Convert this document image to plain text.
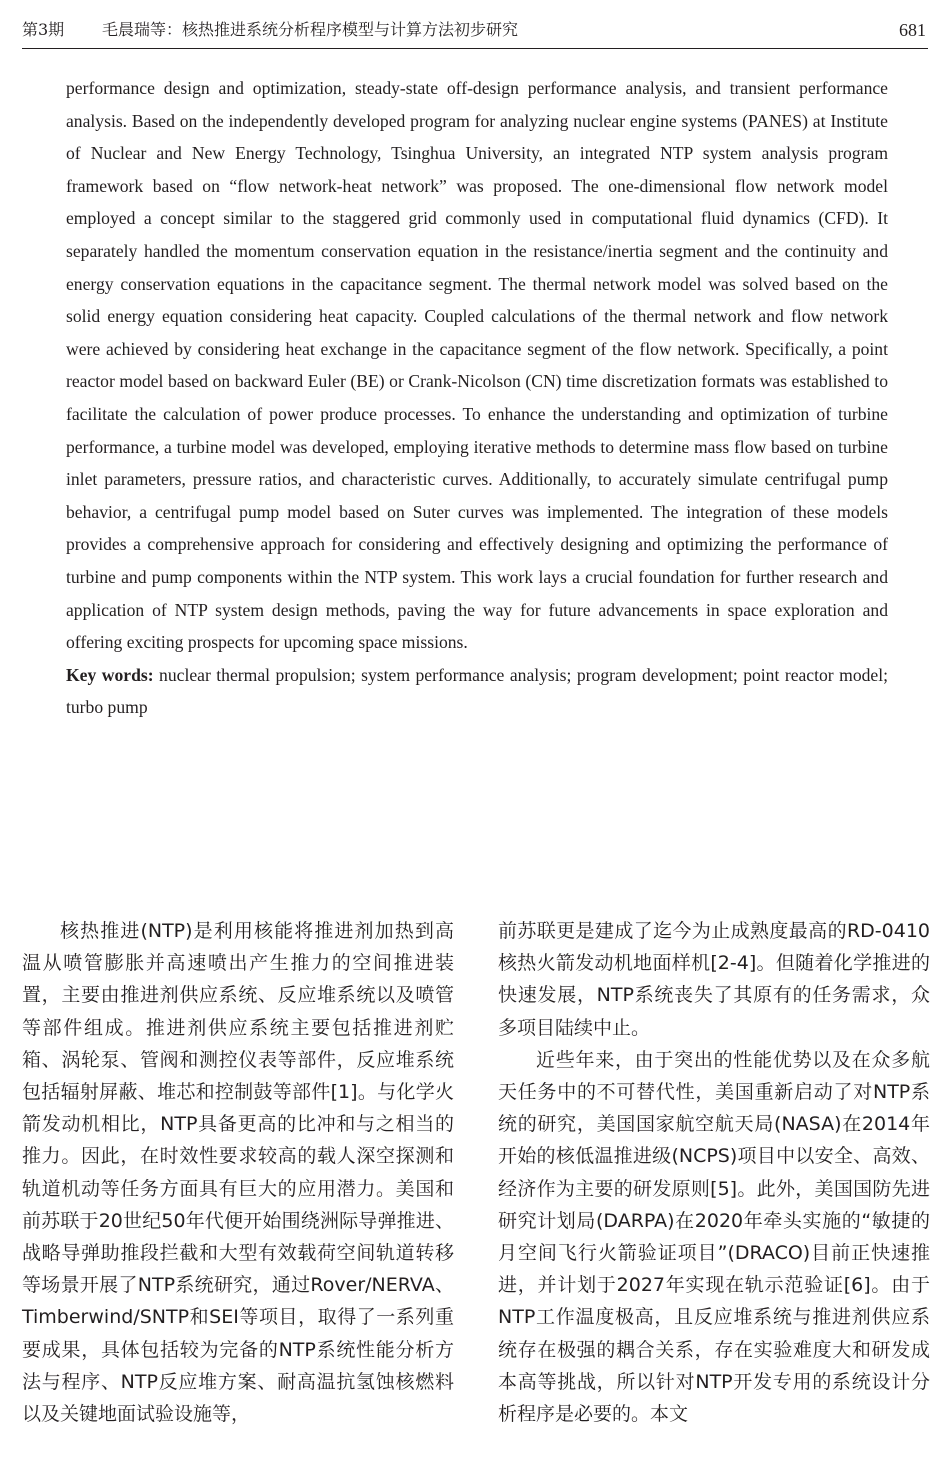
第3期 毛晨瑞等：核热推进系统分析程序模型与计算方法初步研究	681

performance design and optimization, steady-state off-design performance analysis, and transient performance analysis. Based on the independently developed program for analyzing nuclear engine systems (PANES) at Institute of Nuclear and New Energy Technology, Tsinghua University, an integrated NTP system analysis program framework based on “flow network-heat network” was proposed. The one-dimensional flow network model employed a concept similar to the staggered grid commonly used in computational fluid dynamics (CFD). It separately handled the momentum conservation equation in the resistance/inertia segment and the continuity and energy conservation equations in the capacitance segment. The thermal network model was solved based on the solid energy equation considering heat capacity. Coupled calculations of the thermal network and flow network were achieved by considering heat exchange in the capacitance segment of the flow network. Specifically, a point reactor model based on backward Euler (BE) or Crank-Nicolson (CN) time discretization formats was established to facilitate the calculation of power produce processes. To enhance the understanding and optimization of turbine performance, a turbine model was developed, employing iterative methods to determine mass flow based on turbine inlet parameters, pressure ratios, and characteristic curves. Additionally, to accurately simulate centrifugal pump behavior, a centrifugal pump model based on Suter curves was implemented. The integration of these models provides a comprehensive approach for considering and effectively designing and optimizing the performance of turbine and pump components within the NTP system. This work lays a crucial foundation for further research and application of NTP system design methods, paving the way for future advancements in space exploration and offering exciting prospects for upcoming space missions.

Key words: nuclear thermal propulsion; system performance analysis; program development; point reactor model; turbo pump

核热推进(NTP)是利用核能将推进剂加热到高温从喷管膨胀并高速喷出产生推力的空间推进装置，主要由推进剂供应系统、反应堆系统以及喷管等部件组成。推进剂供应系统主要包括推进剂贮箱、涡轮泵、管阀和测控仪表等部件，反应堆系统包括辐射屏蔽、堆芯和控制鼓等部件[1]。与化学火箭发动机相比，NTP具备更高的比冲和与之相当的推力。因此，在时效性要求较高的载人深空探测和轨道机动等任务方面具有巨大的应用潜力。美国和前苏联于20世纪50年代便开始围绕洲际导弹推进、战略导弹助推段拦截和大型有效载荷空间轨道转移等场景开展了NTP系统研究，通过Rover/NERVA、Timberwind/SNTP和SEI等项目，取得了一系列重要成果，具体包括较为完备的NTP系统性能分析方法与程序、NTP反应堆方案、耐高温抗氢蚀核燃料以及关键地面试验设施等，

前苏联更是建成了迄今为止成熟度最高的RD-0410核热火箭发动机地面样机[2-4]。但随着化学推进的快速发展，NTP系统丧失了其原有的任务需求，众多项目陆续中止。

近些年来，由于突出的性能优势以及在众多航天任务中的不可替代性，美国重新启动了对NTP系统的研究，美国国家航空航天局(NASA)在2014年开始的核低温推进级(NCPS)项目中以安全、高效、经济作为主要的研发原则[5]。此外，美国国防先进研究计划局(DARPA)在2020年牵头实施的“敏捷的月空间飞行火箭验证项目”(DRACO)目前正快速推进，并计划于2027年实现在轨示范验证[6]。由于NTP工作温度极高，且反应堆系统与推进剂供应系统存在极强的耦合关系，存在实验难度大和研发成本高等挑战，所以针对NTP开发专用的系统设计分析程序是必要的。本文
